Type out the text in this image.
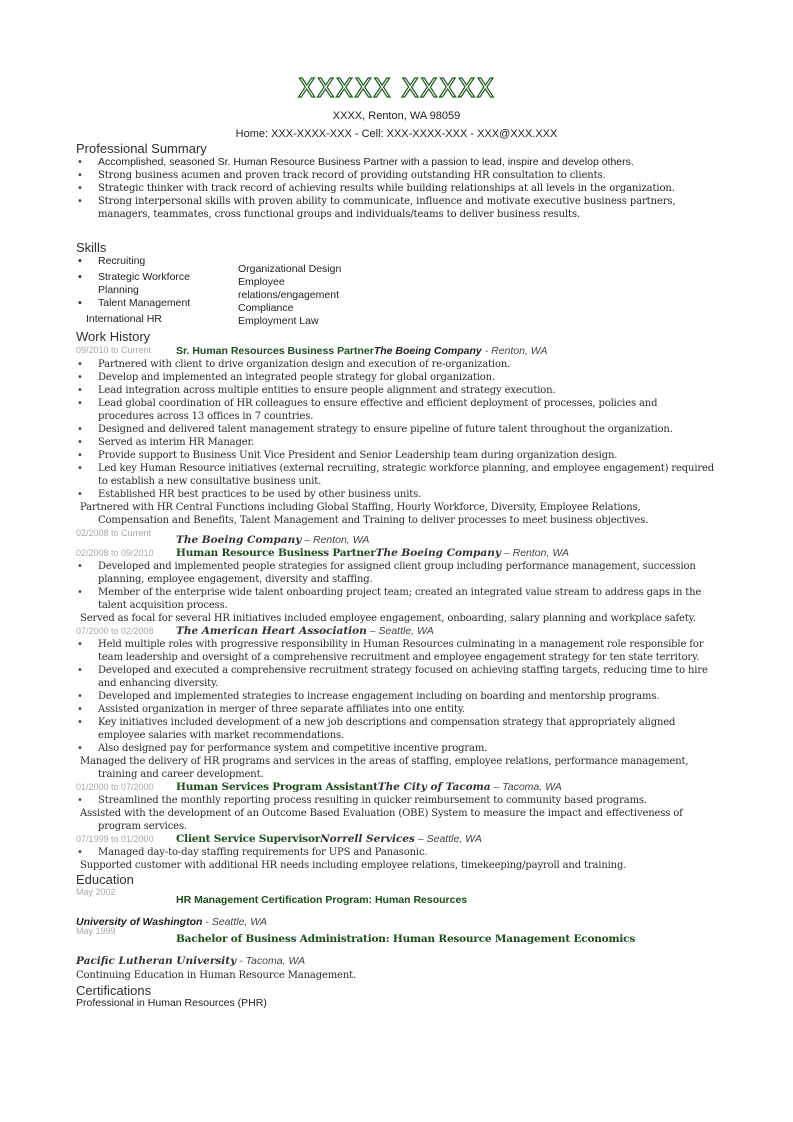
XXXXX XXXXX
XXXX, Renton, WA 98059
Home: XXX-XXXX-XXX - Cell: XXX-XXXX-XXX - XXX@XXX.XXX
Professional Summary
• Accomplished, seasoned Sr. Human Resource Business Partner with a passion to lead, inspire and develop others.
• Strong business acumen and proven track record of providing outstanding HR consultation to clients.
• Strategic thinker with track record of achieving results while building relationships at all levels in the organization.
• Strong interpersonal skills with proven ability to communicate, influence and motivate executive business partners,
managers, teammates, cross functional groups and individuals/teams to deliver business results.
Skills
• Recruiting
• Strategic Workforce
Planning
• Talent Management
International HR
Organizational Design
Employee
relations/engagement
Compliance
Employment Law
Work History
09/2010 to Current Sr. Human Resources Business PartnerThe Boeing Company - Renton, WA
• Partnered with client to drive organization design and execution of re-organization.
• Develop and implemented an integrated people strategy for global organization.
• Lead integration across multiple entities to ensure people alignment and strategy execution.
• Lead global coordination of HR colleagues to ensure effective and efficient deployment of processes, policies and
procedures across 13 offices in 7 countries.
• Designed and delivered talent management strategy to ensure pipeline of future talent throughout the organization.
• Served as interim HR Manager.
• Provide support to Business Unit Vice President and Senior Leadership team during organization design.
• Led key Human Resource initiatives (external recruiting, strategic workforce planning, and employee engagement) required
to establish a new consultative business unit.
• Established HR best practices to be used by other business units.
Partnered with HR Central Functions including Global Staffing, Hourly Workforce, Diversity, Employee Relations,
Compensation and Benefits, Talent Management and Training to deliver processes to meet business objectives.
02/2008 to Current
The Boeing Company – Renton, WA
02/2008 to 09/2010 Human Resource Business PartnerThe Boeing Company – Renton, WA
• Developed and implemented people strategies for assigned client group including performance management, succession
planning, employee engagement, diversity and staffing.
• Member of the enterprise wide talent onboarding project team; created an integrated value stream to address gaps in the
talent acquisition process.
Served as focal for several HR initiatives included employee engagement, onboarding, salary planning and workplace safety.
07/2000 to 02/2008 The American Heart Association – Seattle, WA
• Held multiple roles with progressive responsibility in Human Resources culminating in a management role responsible for
team leadership and oversight of a comprehensive recruitment and employee engagement strategy for ten state territory.
• Developed and executed a comprehensive recruitment strategy focused on achieving staffing targets, reducing time to hire
and enhancing diversity.
• Developed and implemented strategies to increase engagement including on boarding and mentorship programs.
• Assisted organization in merger of three separate affiliates into one entity.
• Key initiatives included development of a new job descriptions and compensation strategy that appropriately aligned
employee salaries with market recommendations.
• Also designed pay for performance system and competitive incentive program.
Managed the delivery of HR programs and services in the areas of staffing, employee relations, performance management,
training and career development.
01/2000 to 07/2000 Human Services Program AssistantThe City of Tacoma – Tacoma, WA
• Streamlined the monthly reporting process resulting in quicker reimbursement to community based programs.
Assisted with the development of an Outcome Based Evaluation (OBE) System to measure the impact and effectiveness of
program services.
07/1999 to 01/2000 Client Service SupervisorNorrell Services – Seattle, WA
• Managed day-to-day staffing requirements for UPS and Panasonic.
Supported customer with additional HR needs including employee relations, timekeeping/payroll and training.
Education
May 2002
HR Management Certification Program: Human Resources
University of Washington - Seattle, WA
May 1999
Bachelor of Business Administration: Human Resource Management Economics
Pacific Lutheran University - Tacoma, WA
Continuing Education in Human Resource Management.
Certifications
Professional in Human Resources (PHR)
